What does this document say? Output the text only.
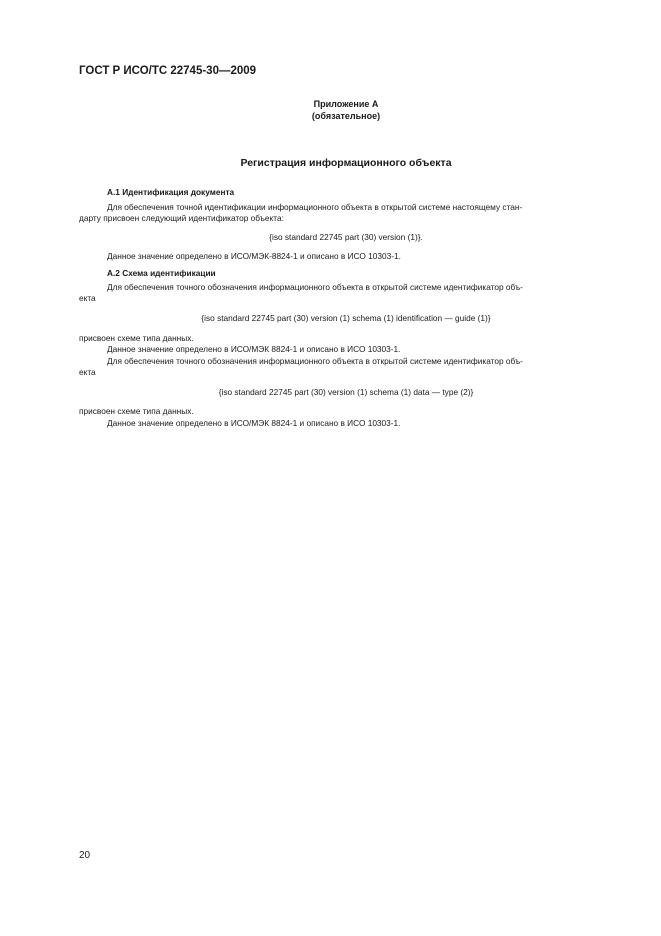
ГОСТ Р ИСО/ТС 22745-30—2009
Приложение А
(обязательное)
Регистрация информационного объекта
А.1 Идентификация документа
Для обеспечения точной идентификации информационного объекта в открытой системе настоящему стан-
дарту присвоен следующий идентификатор объекта:
{iso standard 22745 part (30) version (1)}.
Данное значение определено в ИСО/МЭК-8824-1 и описано в ИСО 10303-1.
А.2 Схема идентификации
Для обеспечения точного обозначения информационного объекта в открытой системе идентификатор объ-
екта
{iso standard 22745 part (30) version (1) schema (1) identification — guide (1)}
присвоен схеме типа данных.
Данное значение определено в ИСО/МЭК 8824-1 и описано в ИСО 10303-1.
Для обеспечения точного обозначения информационного объекта в открытой системе идентификатор объ-
екта
{iso standard 22745 part (30) version (1) schema (1) data — type (2)}
присвоен схеме типа данных.
Данное значение определено в ИСО/МЭК 8824-1 и описано в ИСО 10303-1.
20
